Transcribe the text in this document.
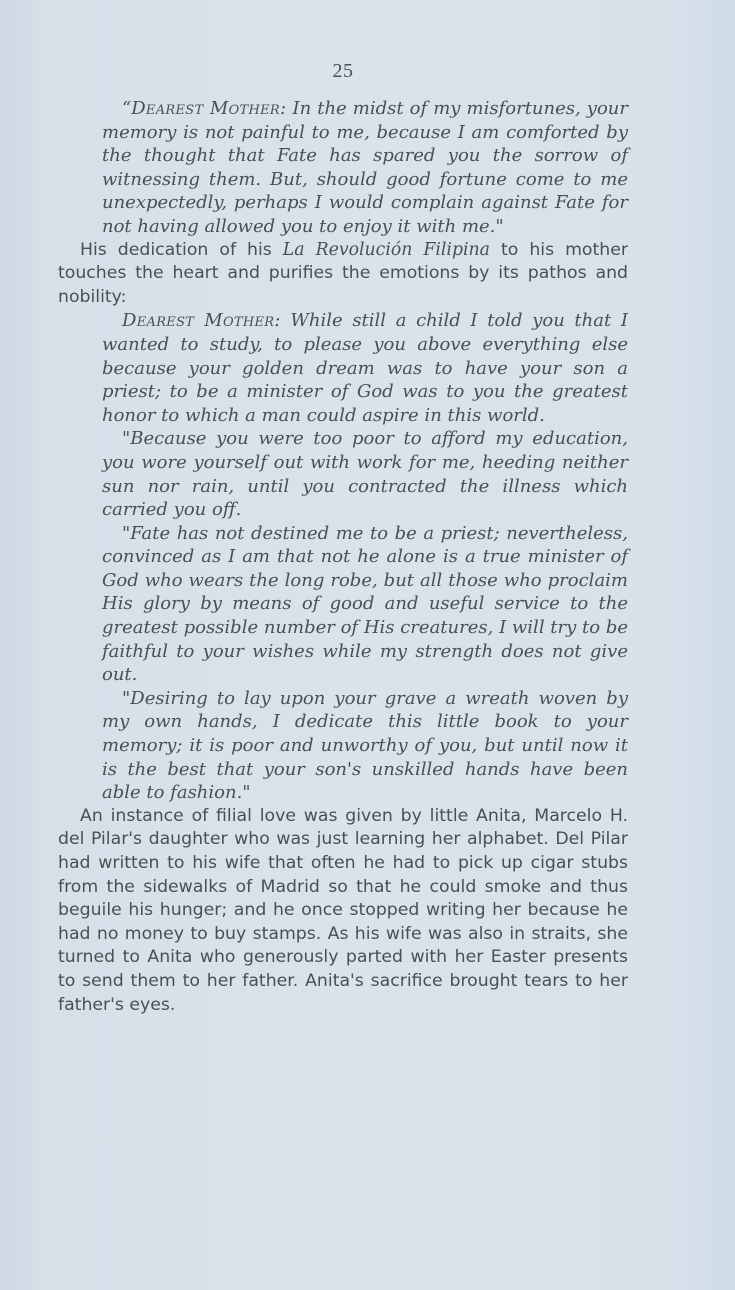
25

“Dearest Mother: In the midst of my misfortunes, your memory is not painful to me, because I am comforted by the thought that Fate has spared you the sorrow of witnessing them. But, should good fortune come to me unexpectedly, perhaps I would complain against Fate for not having allowed you to enjoy it with me."

His dedication of his La Revolución Filipina to his mother touches the heart and purifies the emotions by its pathos and nobility:

Dearest Mother: While still a child I told you that I wanted to study, to please you above everything else because your golden dream was to have your son a priest; to be a minister of God was to you the greatest honor to which a man could aspire in this world.

"Because you were too poor to afford my education, you wore yourself out with work for me, heeding neither sun nor rain, until you contracted the illness which carried you off.

"Fate has not destined me to be a priest; nevertheless, convinced as I am that not he alone is a true minister of God who wears the long robe, but all those who proclaim His glory by means of good and useful service to the greatest possible number of His creatures, I will try to be faithful to your wishes while my strength does not give out.

"Desiring to lay upon your grave a wreath woven by my own hands, I dedicate this little book to your memory; it is poor and unworthy of you, but until now it is the best that your son's unskilled hands have been able to fashion."

An instance of filial love was given by little Anita, Marcelo H. del Pilar's daughter who was just learning her alphabet. Del Pilar had written to his wife that often he had to pick up cigar stubs from the sidewalks of Madrid so that he could smoke and thus beguile his hunger; and he once stopped writing her because he had no money to buy stamps. As his wife was also in straits, she turned to Anita who generously parted with her Easter presents to send them to her father. Anita's sacrifice brought tears to her father's eyes.
